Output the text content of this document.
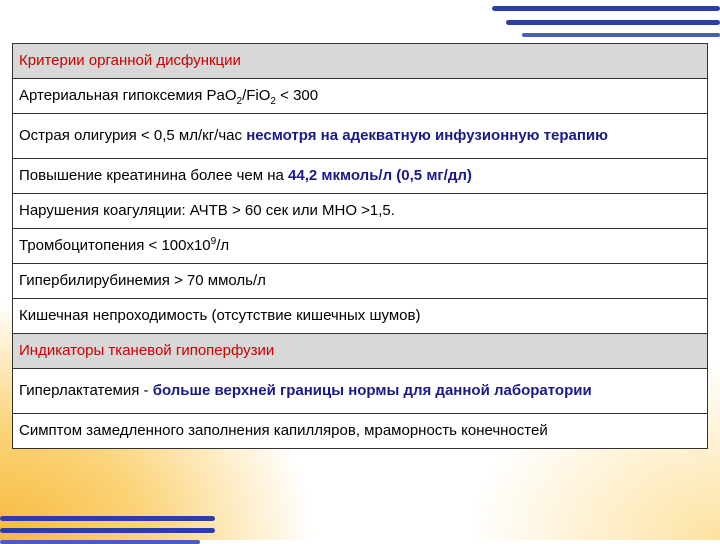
Критерии органной дисфункции

Артериальная гипоксемия PaO$_2$/FiO$_2$ < 300

Острая олигурия < 0,5 мл/кг/час несмотря на адекватную инфузионную терапию

Повышение креатинина более чем на 44,2 мкмоль/л (0,5 мг/дл)

Нарушения коагуляции: АЧТВ > 60 сек или МНО >1,5.

Тромбоцитопения < $100х10^9/л$

Гипербилирубинемия > 70 ммоль/л

Кишечная непроходимость (отсутствие кишечных шумов)

Индикаторы тканевой гипоперфузии

Гиперлактатемия - больше верхней границы нормы для данной лаборатории

Симптом замедленного заполнения капилляров, мраморность конечностей
